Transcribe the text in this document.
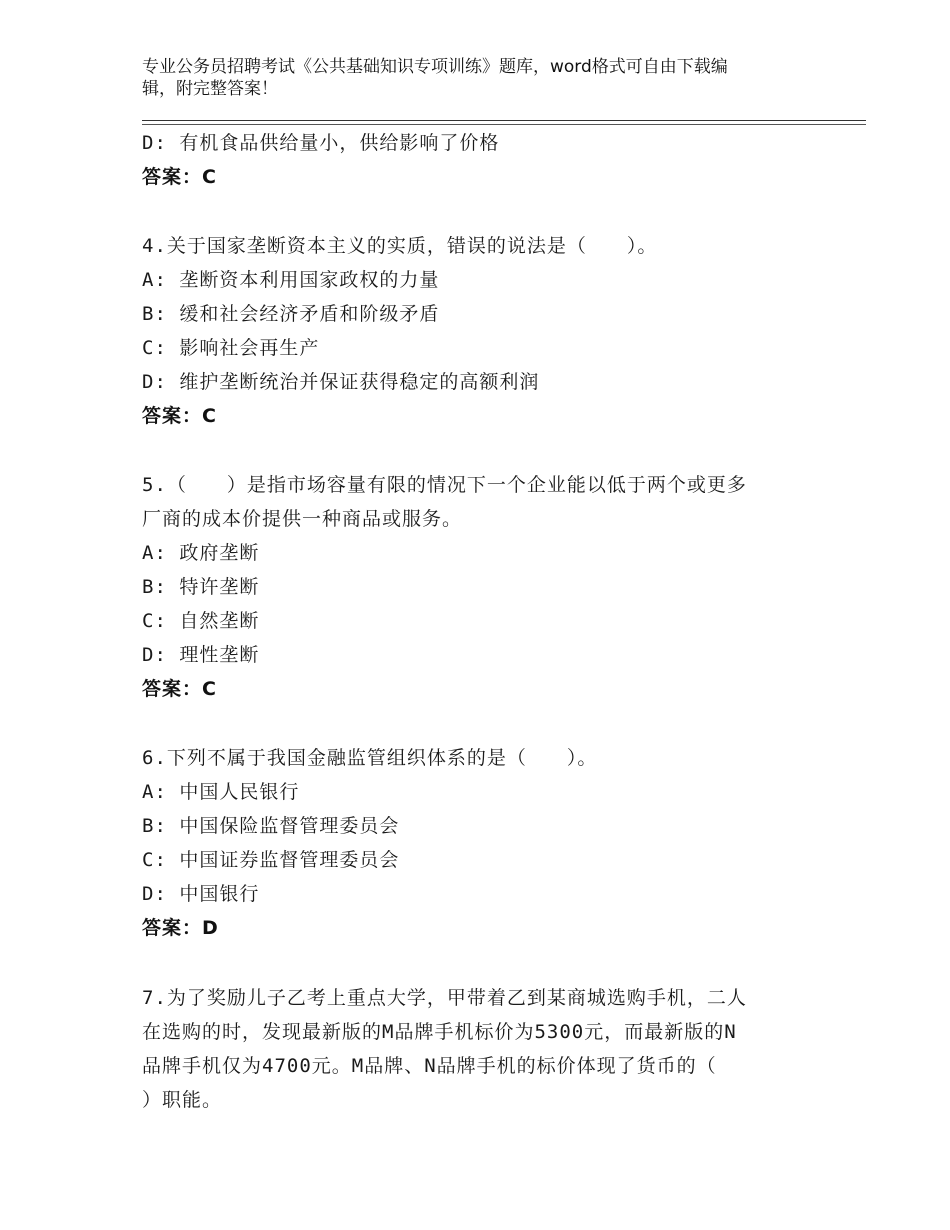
专业公务员招聘考试《公共基础知识专项训练》题库，word格式可自由下载编
辑，附完整答案！
D: 有机食品供给量小，供给影响了价格
答案：C
4.关于国家垄断资本主义的实质，错误的说法是（　　）。
A: 垄断资本利用国家政权的力量
B: 缓和社会经济矛盾和阶级矛盾
C: 影响社会再生产
D: 维护垄断统治并保证获得稳定的高额利润
答案：C
5.（　　）是指市场容量有限的情况下一个企业能以低于两个或更多
厂商的成本价提供一种商品或服务。
A: 政府垄断
B: 特许垄断
C: 自然垄断
D: 理性垄断
答案：C
6.下列不属于我国金融监管组织体系的是（　　）。
A: 中国人民银行
B: 中国保险监督管理委员会
C: 中国证券监督管理委员会
D: 中国银行
答案：D
7.为了奖励儿子乙考上重点大学，甲带着乙到某商城选购手机，二人
在选购的时，发现最新版的M品牌手机标价为5300元，而最新版的N
品牌手机仅为4700元。M品牌、N品牌手机的标价体现了货币的（
）职能。
